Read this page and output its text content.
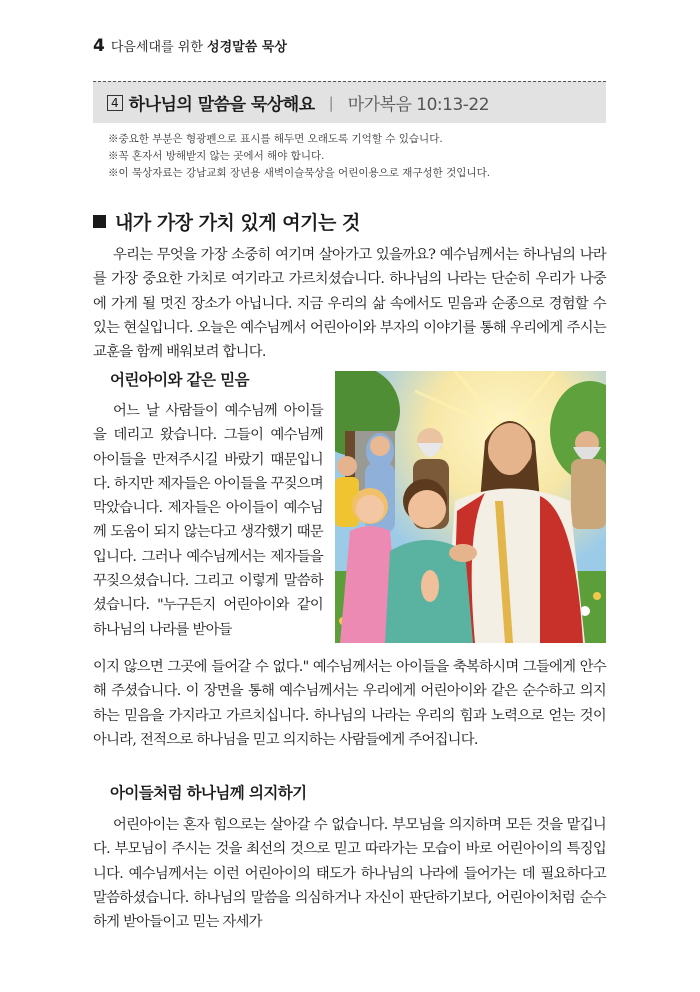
4 다음세대를 위한 성경말씀 묵상
4 하나님의 말씀을 묵상해요 | 마가복음 10:13-22
※중요한 부분은 형광펜으로 표시를 해두면 오래도록 기억할 수 있습니다.
※꼭 혼자서 방해받지 않는 곳에서 해야 합니다.
※이 묵상자료는 강남교회 장년용 새벽이슬묵상을 어린이용으로 재구성한 것입니다.
내가 가장 가치 있게 여기는 것

우리는 무엇을 가장 소중히 여기며 살아가고 있을까요? 예수님께서는 하나님의 나라를 가장 중요한 가치로 여기라고 가르치셨습니다. 하나님의 나라는 단순히 우리가 나중에 가게 될 멋진 장소가 아닙니다. 지금 우리의 삶 속에서도 믿음과 순종으로 경험할 수 있는 현실입니다. 오늘은 예수님께서 어린아이와 부자의 이야기를 통해 우리에게 주시는 교훈을 함께 배워보려 합니다.

어린아이와 같은 믿음

어느 날 사람들이 예수님께 아이들을 데리고 왔습니다. 그들이 예수님께 아이들을 만져주시길 바랐기 때문입니다. 하지만 제자들은 아이들을 꾸짖으며 막았습니다. 제자들은 아이들이 예수님께 도움이 되지 않는다고 생각했기 때문입니다. 그러나 예수님께서는 제자들을 꾸짖으셨습니다. 그리고 이렇게 말씀하셨습니다. "누구든지 어린아이와 같이 하나님의 나라를 받아들

이지 않으면 그곳에 들어갈 수 없다." 예수님께서는 아이들을 축복하시며 그들에게 안수해 주셨습니다. 이 장면을 통해 예수님께서는 우리에게 어린아이와 같은 순수하고 의지하는 믿음을 가지라고 가르치십니다. 하나님의 나라는 우리의 힘과 노력으로 얻는 것이 아니라, 전적으로 하나님을 믿고 의지하는 사람들에게 주어집니다.

아이들처럼 하나님께 의지하기

어린아이는 혼자 힘으로는 살아갈 수 없습니다. 부모님을 의지하며 모든 것을 맡깁니다. 부모님이 주시는 것을 최선의 것으로 믿고 따라가는 모습이 바로 어린아이의 특징입니다. 예수님께서는 이런 어린아이의 태도가 하나님의 나라에 들어가는 데 필요하다고 말씀하셨습니다. 하나님의 말씀을 의심하거나 자신이 판단하기보다, 어린아이처럼 순수하게 받아들이고 믿는 자세가
